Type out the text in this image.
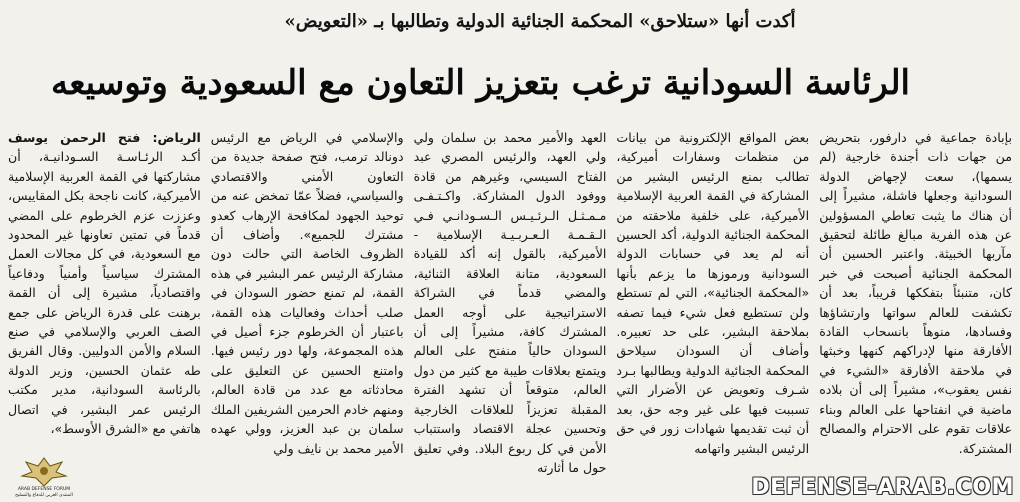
أكدت أنها «ستلاحق» المحكمة الجنائية الدولية وتطالبها بـ «التعويض»
الرئاسة السودانية ترغب بتعزيز التعاون مع السعودية وتوسيعه

الرياض: فتح الرحمن يوسف أكـد الرئـاسـة السـودانيـة، أن مشاركتها في القمة العربية الإسلامية الأميركية، كانت ناجحة بكل المقاييس، وعززت عزم الخرطوم على المضي قدماً في تمتين تعاونها غير المحدود مع السعودية، في كل مجالات العمل المشترك سياسياً وأمنياً ودفاعياً واقتصادياً، مشيرة إلى أن القمة برهنت على قدرة الرياض على جمع الصف العربي والإسلامي في صنع السلام والأمن الدوليين. وقال الفريق طه عثمان الحسين، وزير الدولة بالرئاسة السودانية، مدير مكتب الرئيس عمر البشير، في اتصال هاتفي مع «الشرق الأوسط»،

والإسلامي في الرياض مع الرئيس دونالد ترمب، فتح صفحة جديدة من التعاون الأمني والاقتصادي والسياسي، فضلاً عمّا تمخض عنه من توحيد الجهود لمكافحة الإرهاب كعدو مشترك للجميع». وأضاف أن الظروف الخاصة التي حالت دون مشاركة الرئيس عمر البشير في هذه القمة، لم تمنع حضور السودان في صلب أحداث وفعاليات هذه القمة، باعتبار أن الخرطوم جزء أصيل في هذه المجموعة، ولها دور رئيس فيها. وامتنع الحسين عن التعليق على محادثاته مع عدد من قادة العالم، ومنهم خادم الحرمين الشريفين الملك سلمان بن عبد العزيز، وولي عهده الأمير محمد بن نايف ولي

العهد والأمير محمد بن سلمان ولي ولي العهد، والرئيس المصري عبد الفتاح السيسي، وغيرهم من قادة ووفود الدول المشاركة. واكـتـفـى مـمـثـل الـرئـيـس الـسـودانـي فـي الـقـمـة الـعـربـيـة الإسلامية - الأميركية، بالقول إنه أكد للقيادة السعودية، متانة العلاقة الثنائية، والمضي قدماً في الشراكة الاستراتيجية على أوجه العمل المشترك كافة، مشيراً إلى أن السودان حالياً منفتح على العالم ويتمتع بعلاقات طيبة مع كثير من دول العالم، متوقعاً أن تشهد الفترة المقبلة تعزيزاً للعلاقات الخارجية وتحسين عجلة الاقتصاد واستتباب الأمن في كل ربوع البلاد. وفي تعليق حول ما أثارته

بعض المواقع الإلكترونية من بيانات من منظمات وسفارات أميركية، تطالب بمنع الرئيس البشير من المشاركة في القمة العربية الإسلامية الأميركية، على خلفية ملاحقته من المحكمة الجنائية الدولية، أكد الحسين أنه لم يعد في حسابات الدولة السودانية ورموزها ما يزعم بأنها «المحكمة الجنائية»، التي لم تستطع ولن تستطيع فعل شيء فيما تصفه بملاحقة البشير، على حد تعبيره. وأضاف أن السودان سيلاحق المحكمة الجنائية الدولية ويطالبها بـرد شـرف وتعويض عن الأضرار التي تسببت فيها على غير وجه حق، بعد أن ثبت تقديمها شهادات زور في حق الرئيس البشير واتهامه

بإبادة جماعية في دارفور، بتحريض من جهات ذات أجندة خارجية (لم يسمها)، سعت لإجهاض الدولة السودانية وجعلها فاشلة، مشيراً إلى أن هناك ما يثبت تعاطي المسؤولين عن هذه الفرية مبالغ طائلة لتحقيق مآربها الخبيثة. واعتبر الحسين أن المحكمة الجنائية أصبحت في خبر كان، متنبئاً بتفككها قريباً، بعد أن تكشفت للعالم سواتها وارتشاؤها وفسادها، منوهاً بانسحاب القادة الأفارقة منها لإدراكهم كنهها وخبثها في ملاحقة الأفارقة «الشيء في نفس يعقوب»، مشيراً إلى أن بلاده ماضية في انفتاحها على العالم وبناء علاقات تقوم على الاحترام والمصالح المشتركة.

ARAB DEFENSE FORUM
المنتدى العربي للدفاع والتسليح	DEFENSE-ARAB.COM
